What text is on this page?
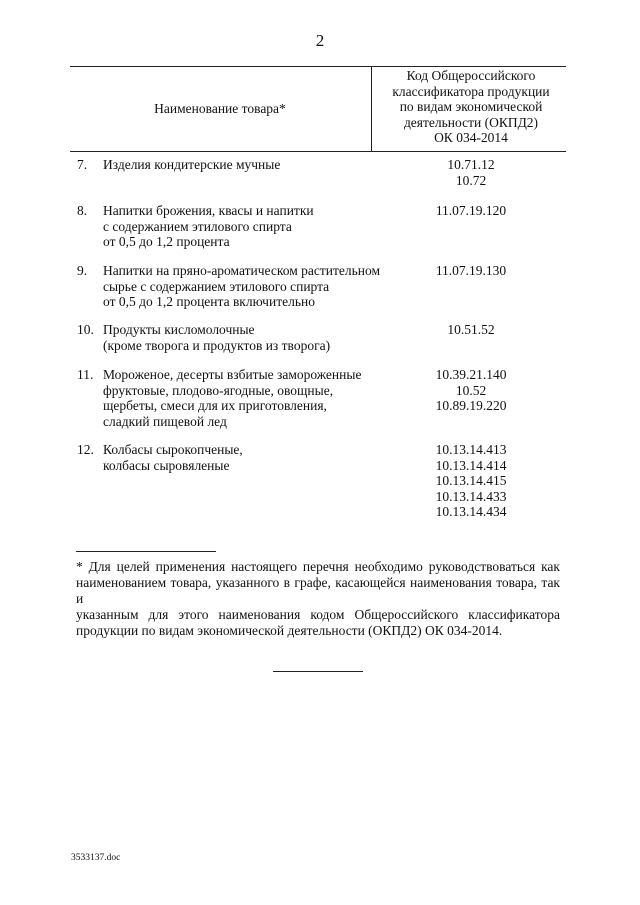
2
Наименование товара*
Код Общероссийского
классификатора продукции
по видам экономической
деятельности (ОКПД2)
ОК 034-2014
7. Изделия кондитерские мучные	10.71.12
10.72
8. Напитки брожения, квасы и напитки
с содержанием этилового спирта
от 0,5 до 1,2 процента
11.07.19.120
9. Напитки на пряно-ароматическом растительном
сырье с содержанием этилового спирта
от 0,5 до 1,2 процента включительно
11.07.19.130
10. Продукты кисломолочные
(кроме творога и продуктов из творога)
10.51.52
11. Мороженое, десерты взбитые замороженные
фруктовые, плодово-ягодные, овощные,
щербеты, смеси для их приготовления,
сладкий пищевой лед
10.39.21.140
10.52
10.89.19.220
12. Колбасы сырокопченые,
колбасы сыровяленые
10.13.14.413
10.13.14.414
10.13.14.415
10.13.14.433
10.13.14.434
* Для целей применения настоящего перечня необходимо руководствоваться как
наименованием товара, указанного в графе, касающейся наименования товара, так и
указанным для этого наименования кодом Общероссийского классификатора
продукции по видам экономической деятельности (ОКПД2) ОК 034-2014.
3533137.doc
